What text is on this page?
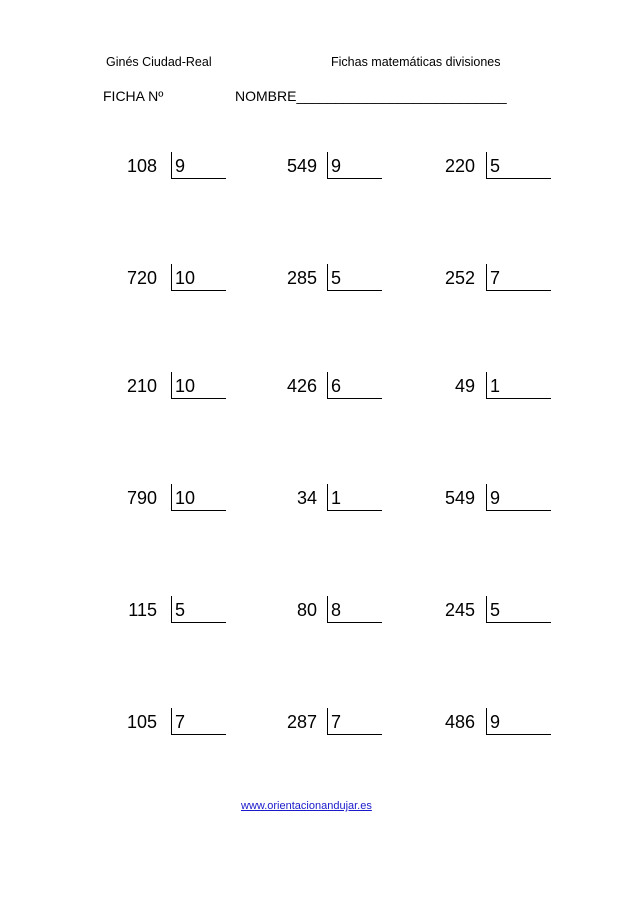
Ginés Ciudad-Real	Fichas matemáticas divisiones
FICHA Nº	NOMBRE___________________________
108 9	549 9	220 5
720 10	285 5	252 7
210 10	426 6	49 1
790 10	34 1	549 9
115 5	80 8	245 5
105 7	287 7	486 9
www.orientacionandujar.es
